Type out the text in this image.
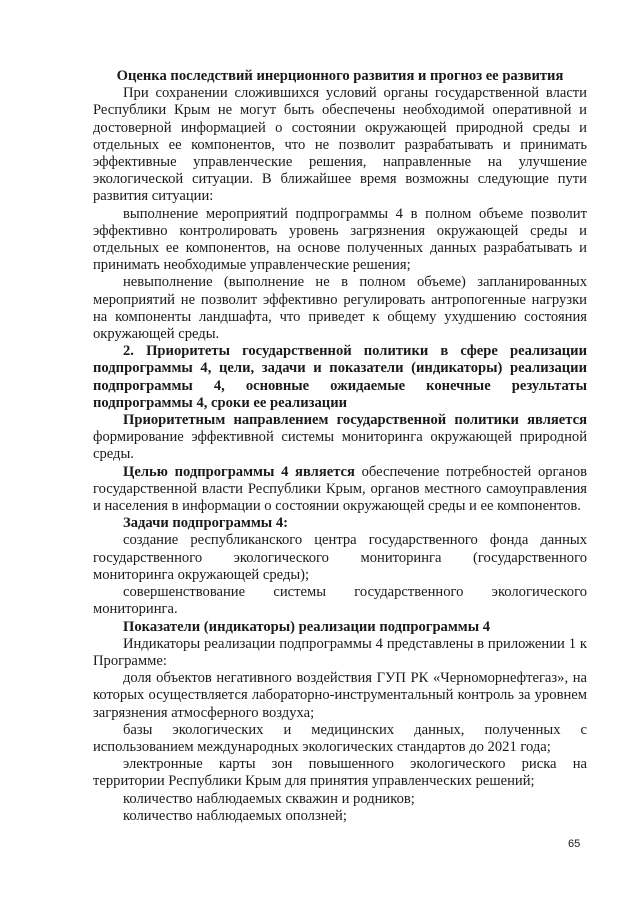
Оценка последствий инерционного развития и прогноз ее развития

При сохранении сложившихся условий органы государственной власти Республики Крым не могут быть обеспечены необходимой оперативной и достоверной информацией о состоянии окружающей природной среды и отдельных ее компонентов, что не позволит разрабатывать и принимать эффективные управленческие решения, направленные на улучшение экологической ситуации. В ближайшее время возможны следующие пути развития ситуации:

выполнение мероприятий подпрограммы 4 в полном объеме позволит эффективно контролировать уровень загрязнения окружающей среды и отдельных ее компонентов, на основе полученных данных разрабатывать и принимать необходимые управленческие решения;

невыполнение (выполнение не в полном объеме) запланированных мероприятий не позволит эффективно регулировать антропогенные нагрузки на компоненты ландшафта, что приведет к общему ухудшению состояния окружающей среды.

2. Приоритеты государственной политики в сфере реализации подпрограммы 4, цели, задачи и показатели (индикаторы) реализации подпрограммы 4, основные ожидаемые конечные результаты подпрограммы 4, сроки ее реализации

Приоритетным направлением государственной политики является формирование эффективной системы мониторинга окружающей природной среды.

Целью подпрограммы 4 является обеспечение потребностей органов государственной власти Республики Крым, органов местного самоуправления и населения в информации о состоянии окружающей среды и ее компонентов.

Задачи подпрограммы 4:

создание республиканского центра государственного фонда данных государственного экологического мониторинга (государственного мониторинга окружающей среды);

совершенствование системы государственного экологического мониторинга.

Показатели (индикаторы) реализации подпрограммы 4

Индикаторы реализации подпрограммы 4 представлены в приложении 1 к Программе:

доля объектов негативного воздействия ГУП РК «Черноморнефтегаз», на которых осуществляется лабораторно-инструментальный контроль за уровнем загрязнения атмосферного воздуха;

базы экологических и медицинских данных, полученных с использованием международных экологических стандартов до 2021 года;

электронные карты зон повышенного экологического риска на территории Республики Крым для принятия управленческих решений;

количество наблюдаемых скважин и родников;

количество наблюдаемых оползней;

65
